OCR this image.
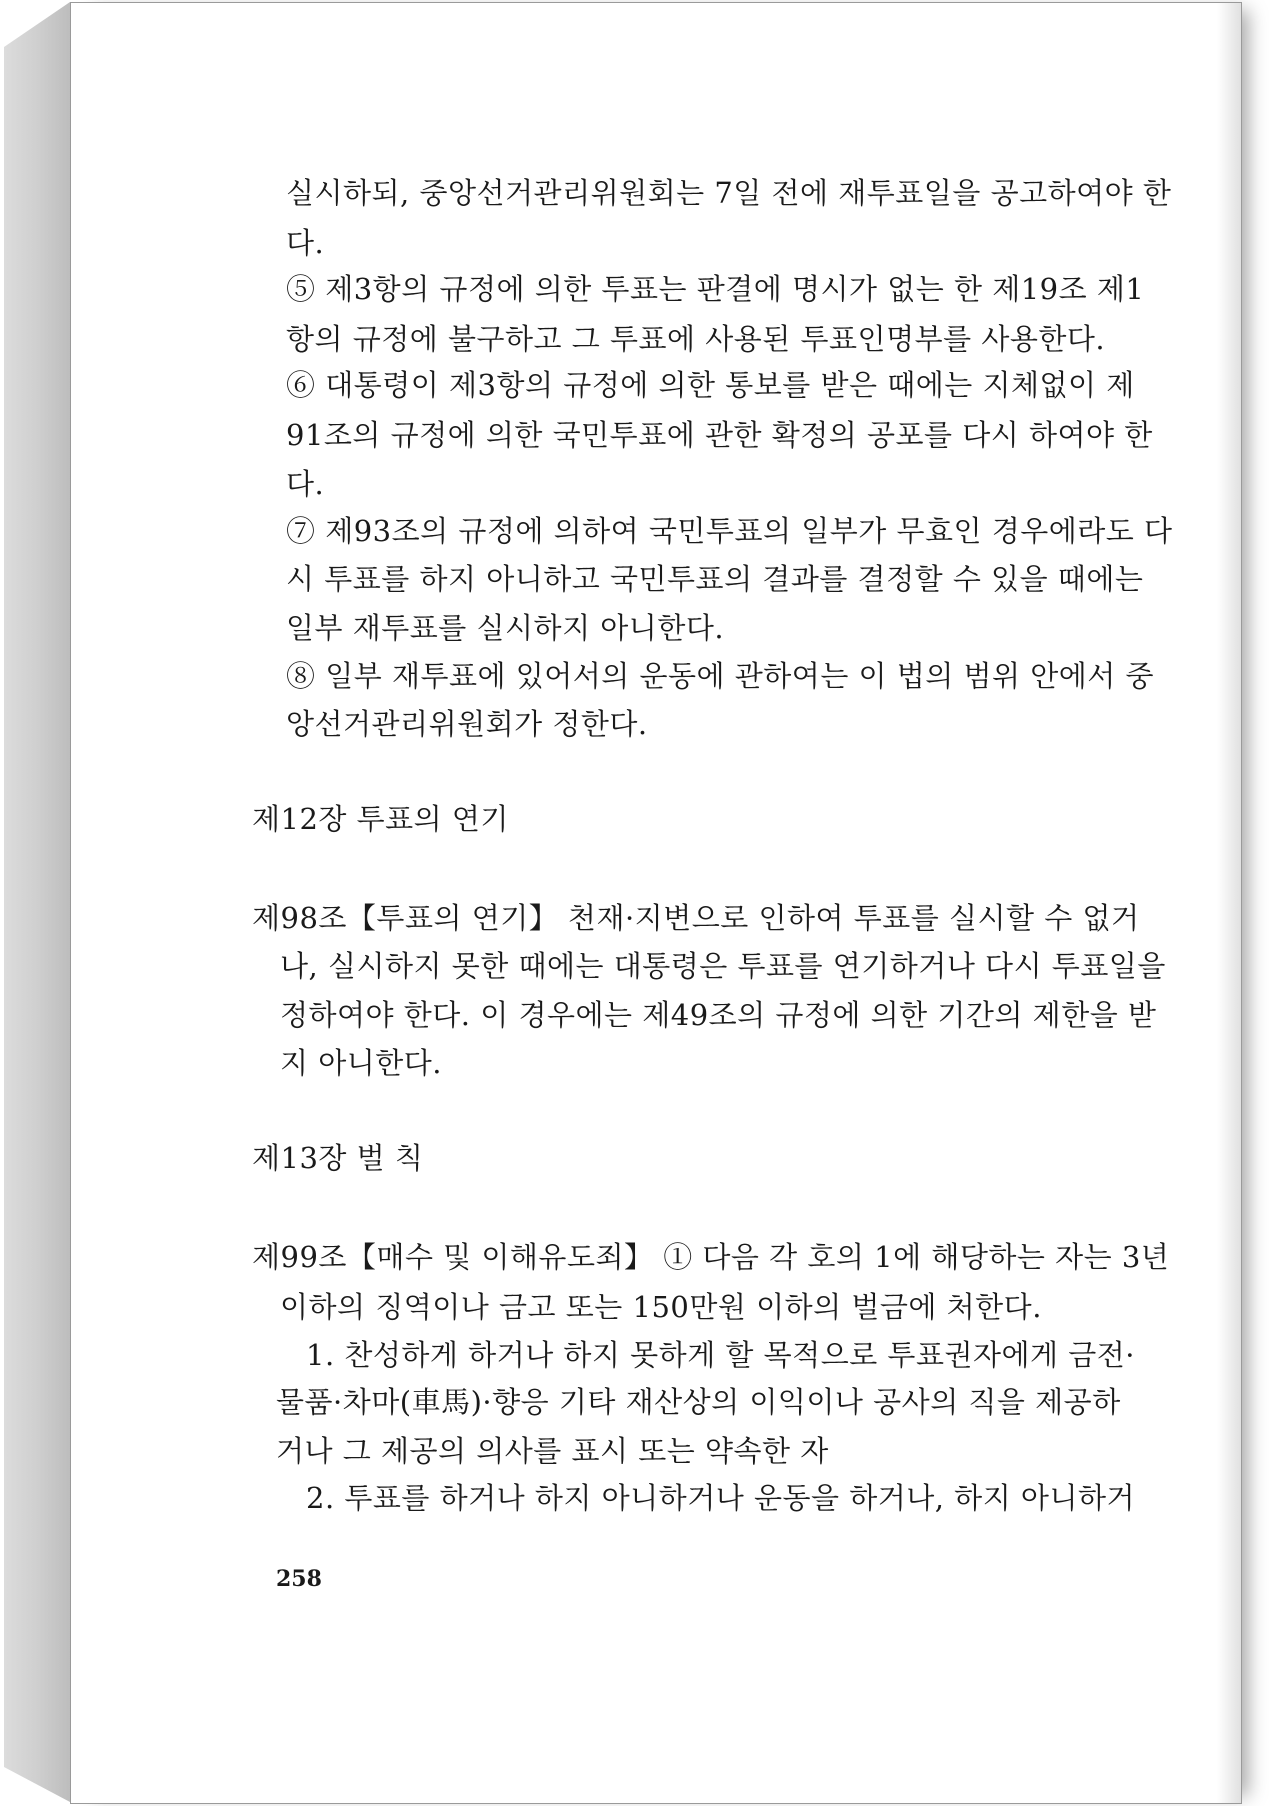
실시하되, 중앙선거관리위원회는 7일 전에 재투표일을 공고하여야 한
다.
⑤ 제3항의 규정에 의한 투표는 판결에 명시가 없는 한 제19조 제1
항의 규정에 불구하고 그 투표에 사용된 투표인명부를 사용한다.
⑥ 대통령이 제3항의 규정에 의한 통보를 받은 때에는 지체없이 제
91조의 규정에 의한 국민투표에 관한 확정의 공포를 다시 하여야 한
다.
⑦ 제93조의 규정에 의하여 국민투표의 일부가 무효인 경우에라도 다
시 투표를 하지 아니하고 국민투표의 결과를 결정할 수 있을 때에는
일부 재투표를 실시하지 아니한다.
⑧ 일부 재투표에 있어서의 운동에 관하여는 이 법의 범위 안에서 중
앙선거관리위원회가 정한다.
제12장 투표의 연기
제98조【투표의 연기】 천재·지변으로 인하여 투표를 실시할 수 없거
나, 실시하지 못한 때에는 대통령은 투표를 연기하거나 다시 투표일을
정하여야 한다. 이 경우에는 제49조의 규정에 의한 기간의 제한을 받
지 아니한다.
제13장 벌 칙
제99조【매수 및 이해유도죄】 ① 다음 각 호의 1에 해당하는 자는 3년
이하의 징역이나 금고 또는 150만원 이하의 벌금에 처한다.
1. 찬성하게 하거나 하지 못하게 할 목적으로 투표권자에게 금전·
물품·차마(車馬)·향응 기타 재산상의 이익이나 공사의 직을 제공하
거나 그 제공의 의사를 표시 또는 약속한 자
2. 투표를 하거나 하지 아니하거나 운동을 하거나, 하지 아니하거
258
